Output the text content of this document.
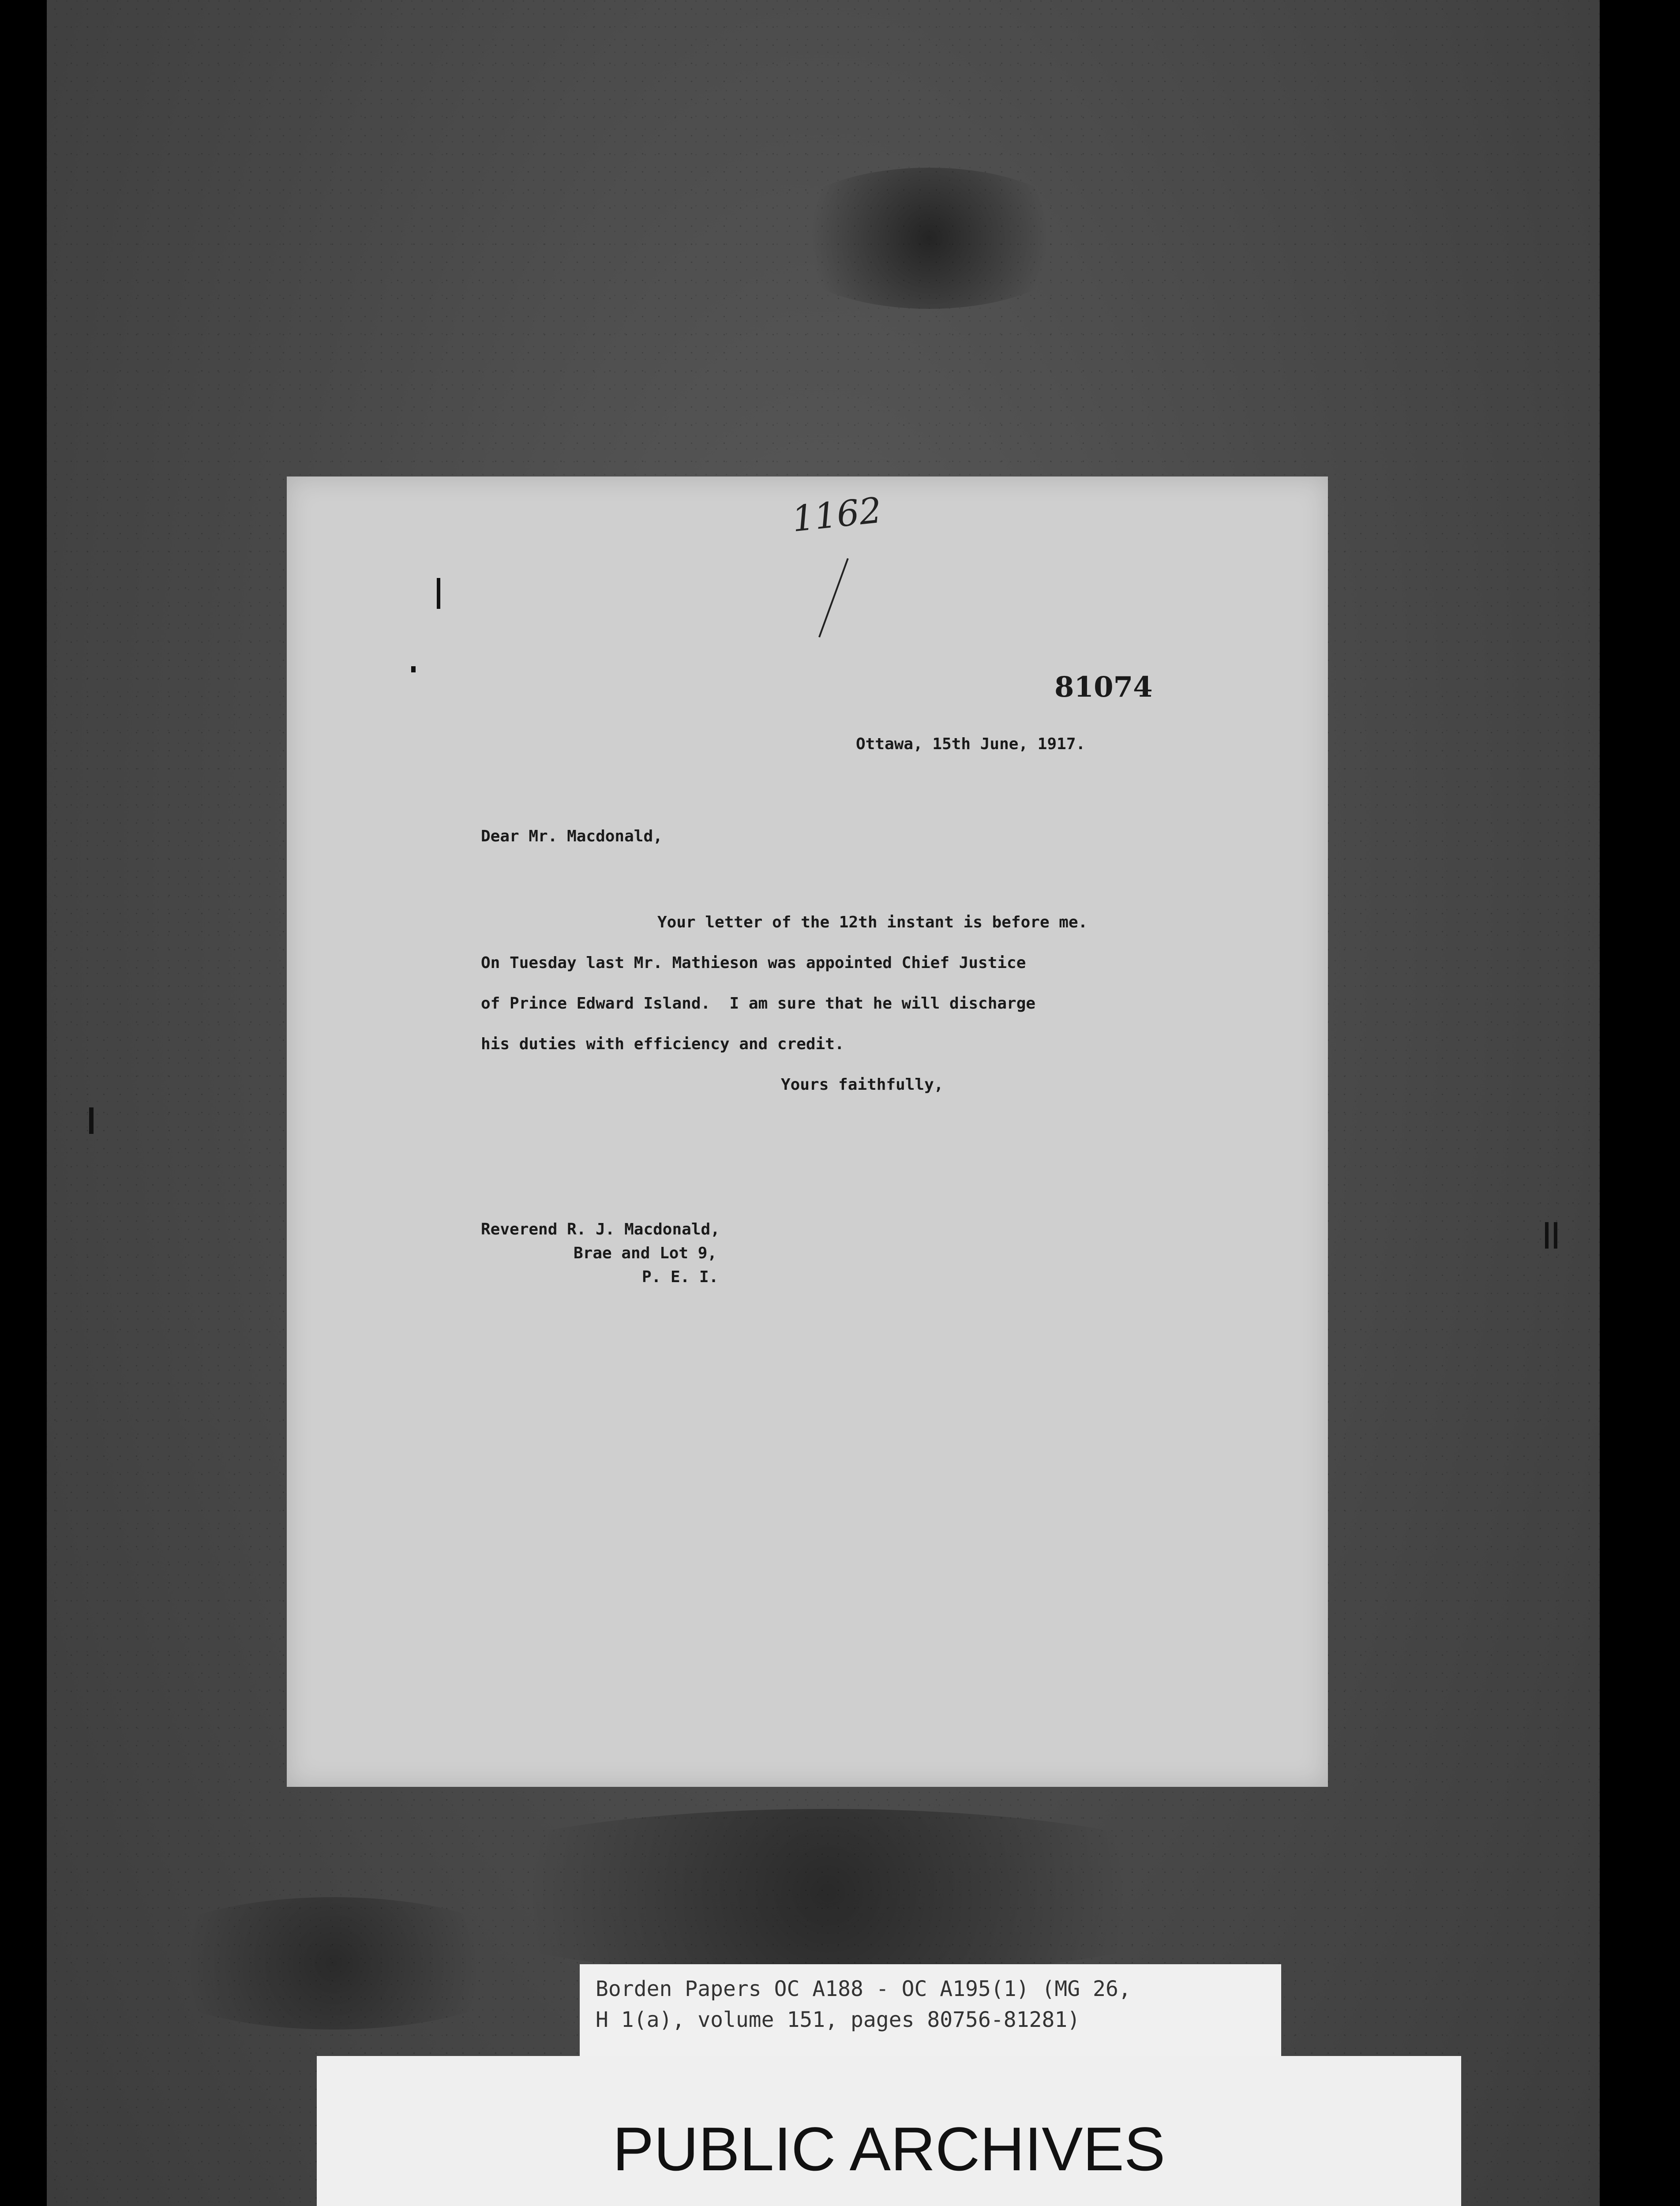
1162
81074
Ottawa, 15th June, 1917.
Dear Mr. Macdonald,
Your letter of the 12th instant is before me.
On Tuesday last Mr. Mathieson was appointed Chief Justice
of Prince Edward Island.  I am sure that he will discharge
his duties with efficiency and credit.
Yours faithfully,
Reverend R. J. Macdonald,
Brae and Lot 9,
P. E. I.
Borden Papers OC A188 - OC A195(1) (MG 26,
H 1(a), volume 151, pages 80756-81281)
PUBLIC ARCHIVES
